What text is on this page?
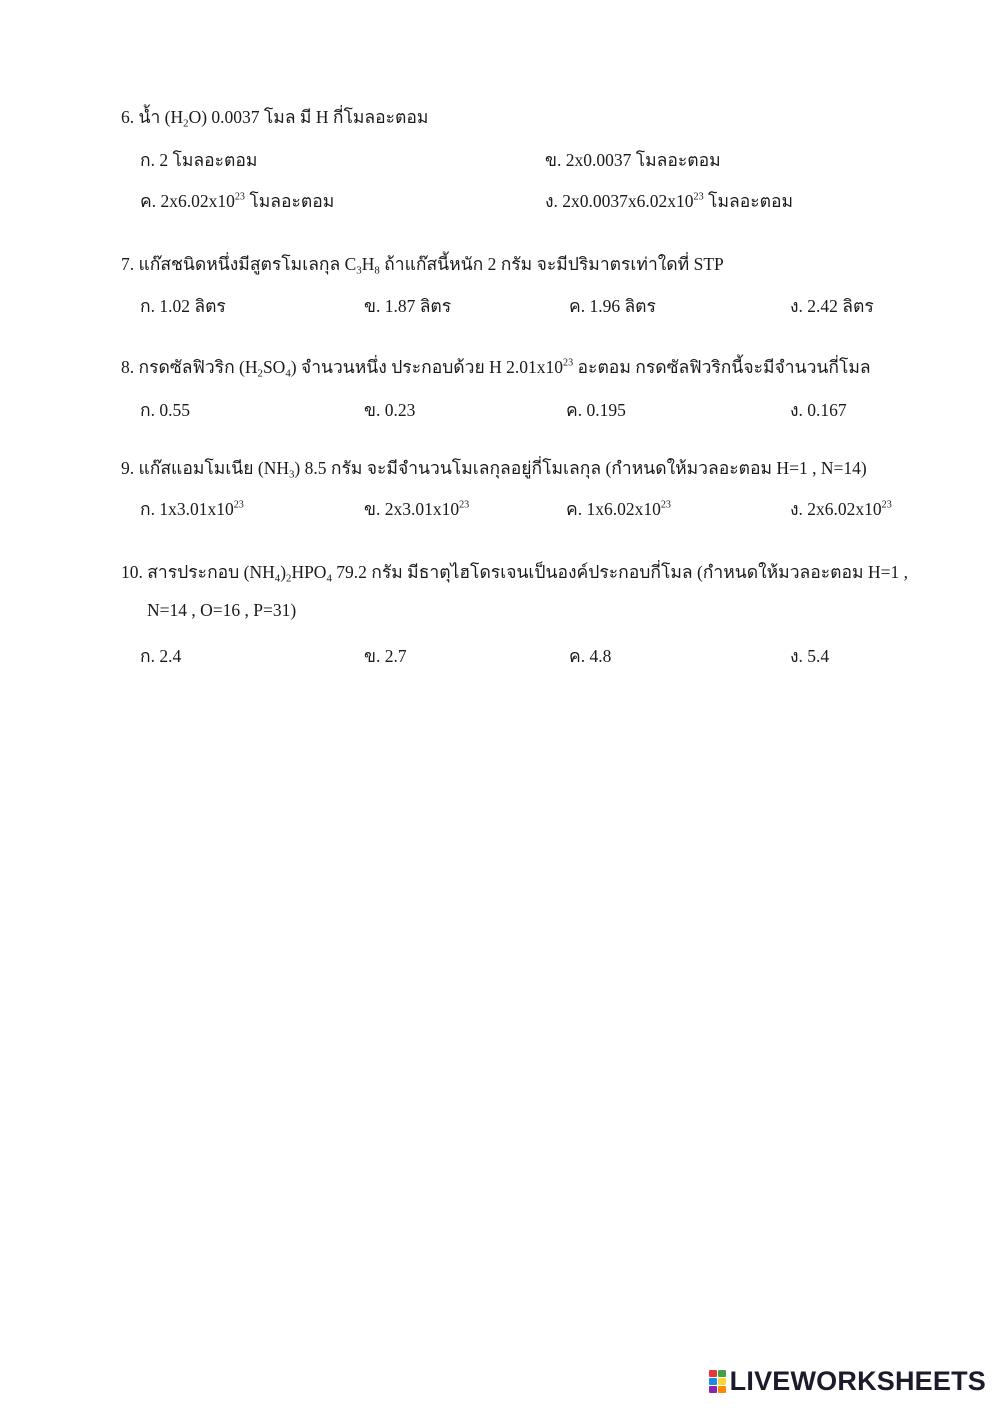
6. น้ำ $(H_2O)$ 0.0037 โมล มี H กี่โมลอะตอม
ก. 2 โมลอะตอม	ข. 2x0.0037 โมลอะตอม
ค. $2x6.02x10^{23}$ โมลอะตอม	ง. $2x0.0037x6.02x10^{23}$ โมลอะตอม
7. แก๊สชนิดหนึ่งมีสูตรโมเลกุล $C_3H_8$ ถ้าแก๊สนี้หนัก 2 กรัม จะมีปริมาตรเท่าใดที่ STP
ก. 1.02 ลิตร	ข. 1.87 ลิตร	ค. 1.96 ลิตร	ง. 2.42 ลิตร
8. กรดซัลฟิวริก $(H_2SO_4)$ จำนวนหนึ่ง ประกอบด้วย H $2.01x10^{23}$ อะตอม กรดซัลฟิวริกนี้จะมีจำนวนกี่โมล
ก. 0.55	ข. 0.23	ค. 0.195	ง. 0.167
9. แก๊สแอมโมเนีย $(NH_3)$ 8.5 กรัม จะมีจำนวนโมเลกุลอยู่กี่โมเลกุล (กำหนดให้มวลอะตอม H=1 , N=14)
ก. $1x3.01x10^{23}$	ข. $2x3.01x10^{23}$	ค. $1x6.02x10^{23}$	ง. $2x6.02x10^{23}$
10. สารประกอบ $(NH_4)_2HPO_4$ 79.2 กรัม มีธาตุไฮโดรเจนเป็นองค์ประกอบกี่โมล (กำหนดให้มวลอะตอม H=1 ,
N=14 , O=16 , P=31)
ก. 2.4	ข. 2.7	ค. 4.8	ง. 5.4
LIVEWORKSHEETS
